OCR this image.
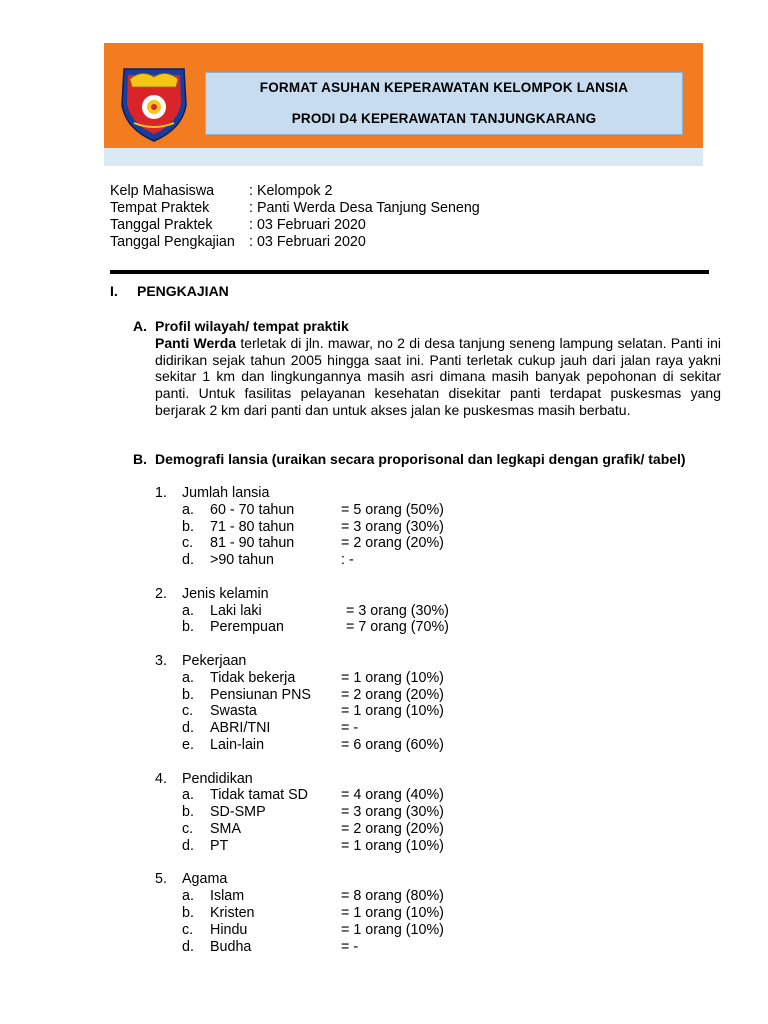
FORMAT ASUHAN KEPERAWATAN KELOMPOK LANSIA
PRODI D4 KEPERAWATAN TANJUNGKARANG
Kelp Mahasiswa	: Kelompok 2
Tempat Praktek	: Panti Werda Desa Tanjung Seneng
Tanggal Praktek	: 03 Februari 2020
Tanggal Pengkajian : 03 Februari 2020
I. PENGKAJIAN
A. Profil wilayah/ tempat praktik
Panti Werda terletak di jln. mawar, no 2 di desa tanjung seneng lampung selatan. Panti ini didirikan sejak tahun 2005 hingga saat ini. Panti terletak cukup jauh dari jalan raya yakni sekitar 1 km dan lingkungannya masih asri dimana masih banyak pepohonan di sekitar panti. Untuk fasilitas pelayanan kesehatan disekitar panti terdapat puskesmas yang berjarak 2 km dari panti dan untuk akses jalan ke puskesmas masih berbatu.
B. Demografi lansia (uraikan secara proporisonal dan legkapi dengan grafik/ tabel)
1.	Jumlah lansia
a.	60 - 70 tahun	= 5 orang (50%)
b.	71 - 80 tahun	= 3 orang (30%)
c.	81 - 90 tahun	= 2 orang (20%)
d.	>90 tahun	: -
2.	Jenis kelamin
a.	Laki laki	= 3 orang (30%)
b.	Perempuan	= 7 orang (70%)
3.	Pekerjaan
a.	Tidak bekerja	= 1 orang (10%)
b.	Pensiunan PNS	= 2 orang (20%)
c.	Swasta	= 1 orang (10%)
d.	ABRI/TNI	= -
e.	Lain-lain	= 6 orang (60%)
4.	Pendidikan
a.	Tidak tamat SD	= 4 orang (40%)
b.	SD-SMP	= 3 orang (30%)
c.	SMA	= 2 orang (20%)
d.	PT	= 1 orang (10%)
5.	Agama
a.	Islam	= 8 orang (80%)
b.	Kristen	= 1 orang (10%)
c.	Hindu	= 1 orang (10%)
d.	Budha	= -
